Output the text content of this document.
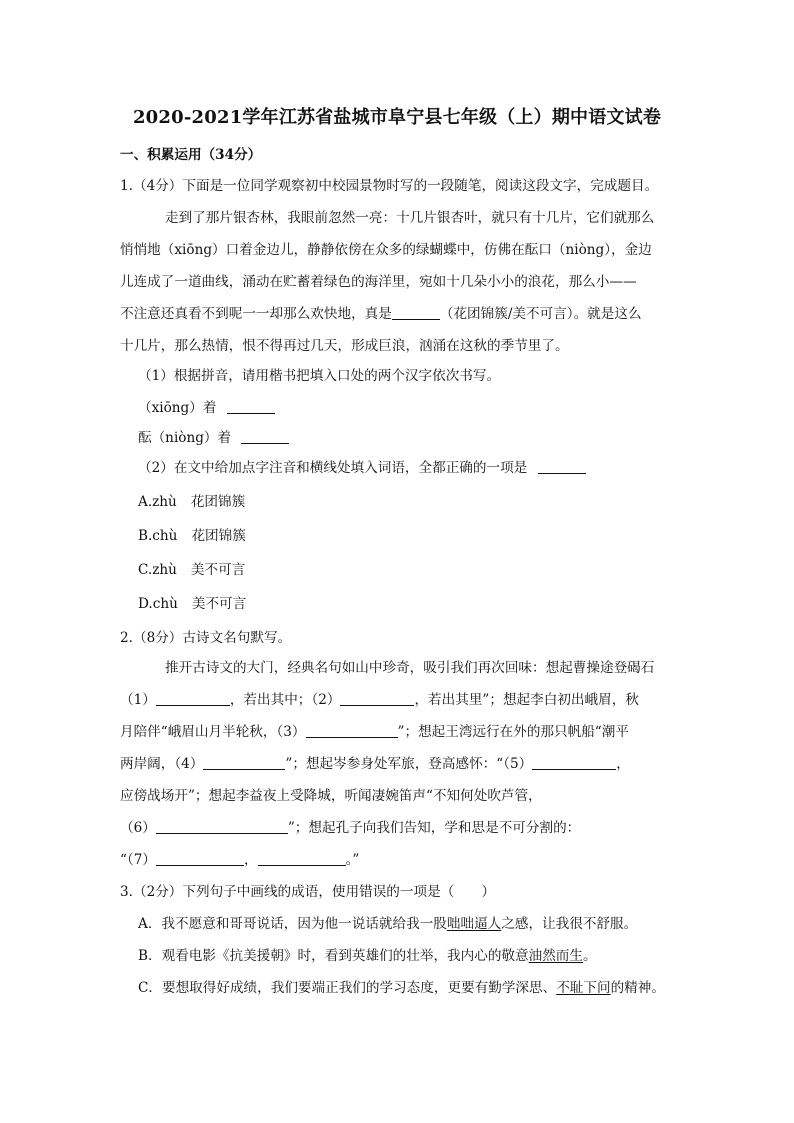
2020-2021学年江苏省盐城市阜宁县七年级（上）期中语文试卷
一、积累运用（34分）
1.（4分）下面是一位同学观察初中校园景物时写的一段随笔，阅读这段文字，完成题目。
走到了那片银杏林，我眼前忽然一亮：十几片银杏叶，就只有十几片，它们就那么
悄悄地（xiōng）口着金边儿，静静依傍在众多的绿蝴蝶中，仿佛在酝口（niòng），金边
儿连成了一道曲线，涌动在贮蓄着绿色的海洋里，宛如十几朵小小的浪花，那么小——
不注意还真看不到呢一一却那么欢快地，真是	（花团锦簇/美不可言）。就是这么
十几片，那么热情，恨不得再过几天，形成巨浪，汹涌在这秋的季节里了。
（1）根据拼音，请用楷书把填入口处的两个汉字依次书写。
（xiōng）着
酝（niòng）着
（2）在文中给加点字注音和横线处填入词语，全都正确的一项是
A.zhù 花团锦簇
B.chù 花团锦簇
C.zhù 美不可言
D.chù 美不可言
2.（8分）古诗文名句默写。
推开古诗文的大门，经典名句如山中珍奇，吸引我们再次回味：想起曹操途登碣石
（1）	，若出其中；（2）	，若出其里”；想起李白初出峨眉，秋
月陪伴“峨眉山月半轮秋，（3）	”；想起王湾远行在外的那只帆船“潮平
两岸阔，（4）	”；想起岑参身处军旅，登高感怀：“（5）	，
应傍战场开”；想起李益夜上受降城，听闻凄婉笛声“不知何处吹芦管，
（6）	”；想起孔子向我们告知，学和思是不可分割的：
“（7）	，	。”
3.（2分）下列句子中画线的成语，使用错误的一项是（　　）
A．我不愿意和哥哥说话，因为他一说话就给我一股咄咄逼人之感，让我很不舒服。
B．观看电影《抗美援朝》时，看到英雄们的壮举，我内心的敬意油然而生。
C．要想取得好成绩，我们要端正我们的学习态度，更要有勤学深思、不耻下问的精神。
